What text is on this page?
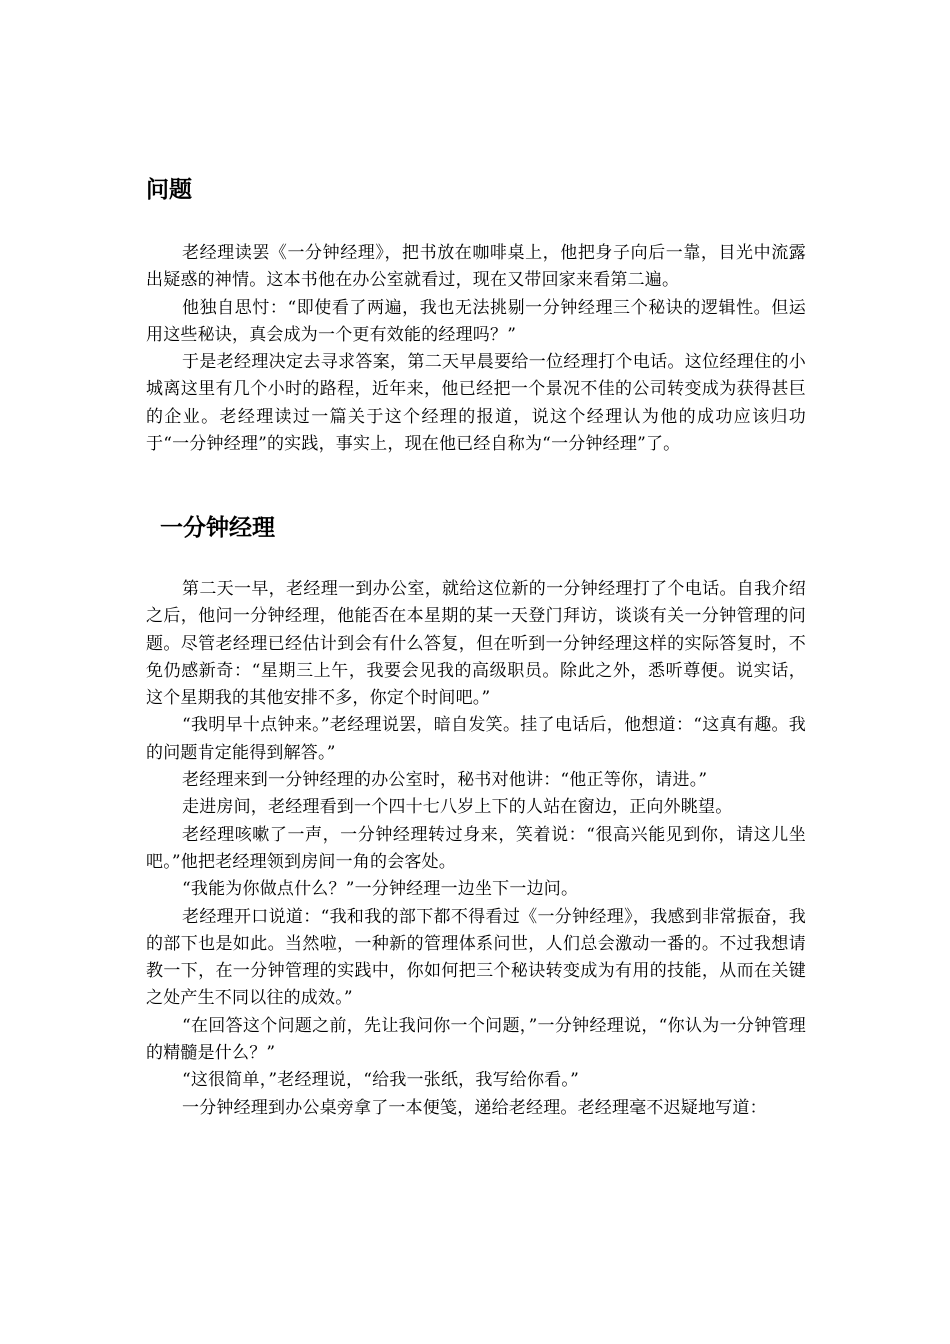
问题

老经理读罢《一分钟经理》，把书放在咖啡桌上，他把身子向后一靠，目光中流露出疑惑的神情。这本书他在办公室就看过，现在又带回家来看第二遍。

他独自思忖：“即使看了两遍，我也无法挑剔一分钟经理三个秘诀的逻辑性。但运用这些秘诀，真会成为一个更有效能的经理吗？”

于是老经理决定去寻求答案，第二天早晨要给一位经理打个电话。这位经理住的小城离这里有几个小时的路程，近年来，他已经把一个景况不佳的公司转变成为获得甚巨的企业。老经理读过一篇关于这个经理的报道，说这个经理认为他的成功应该归功于“一分钟经理”的实践，事实上，现在他已经自称为“一分钟经理”了。

一分钟经理

第二天一早，老经理一到办公室，就给这位新的一分钟经理打了个电话。自我介绍之后，他问一分钟经理，他能否在本星期的某一天登门拜访，谈谈有关一分钟管理的问题。尽管老经理已经估计到会有什么答复，但在听到一分钟经理这样的实际答复时，不免仍感新奇：“星期三上午，我要会见我的高级职员。除此之外，悉听尊便。说实话，这个星期我的其他安排不多，你定个时间吧。”

“我明早十点钟来。”老经理说罢，暗自发笑。挂了电话后，他想道：“这真有趣。我的问题肯定能得到解答。”

老经理来到一分钟经理的办公室时，秘书对他讲：“他正等你，请进。”

走进房间，老经理看到一个四十七八岁上下的人站在窗边，正向外眺望。

老经理咳嗽了一声，一分钟经理转过身来，笑着说：“很高兴能见到你，请这儿坐吧。”他把老经理领到房间一角的会客处。

“我能为你做点什么？”一分钟经理一边坐下一边问。

老经理开口说道：“我和我的部下都不得看过《一分钟经理》，我感到非常振奋，我的部下也是如此。当然啦，一种新的管理体系问世，人们总会激动一番的。不过我想请教一下，在一分钟管理的实践中，你如何把三个秘诀转变成为有用的技能，从而在关键之处产生不同以往的成效。”

“在回答这个问题之前，先让我问你一个问题，”一分钟经理说，“你认为一分钟管理的精髓是什么？”

“这很简单，”老经理说，“给我一张纸，我写给你看。”

一分钟经理到办公桌旁拿了一本便笺，递给老经理。老经理毫不迟疑地写道：
